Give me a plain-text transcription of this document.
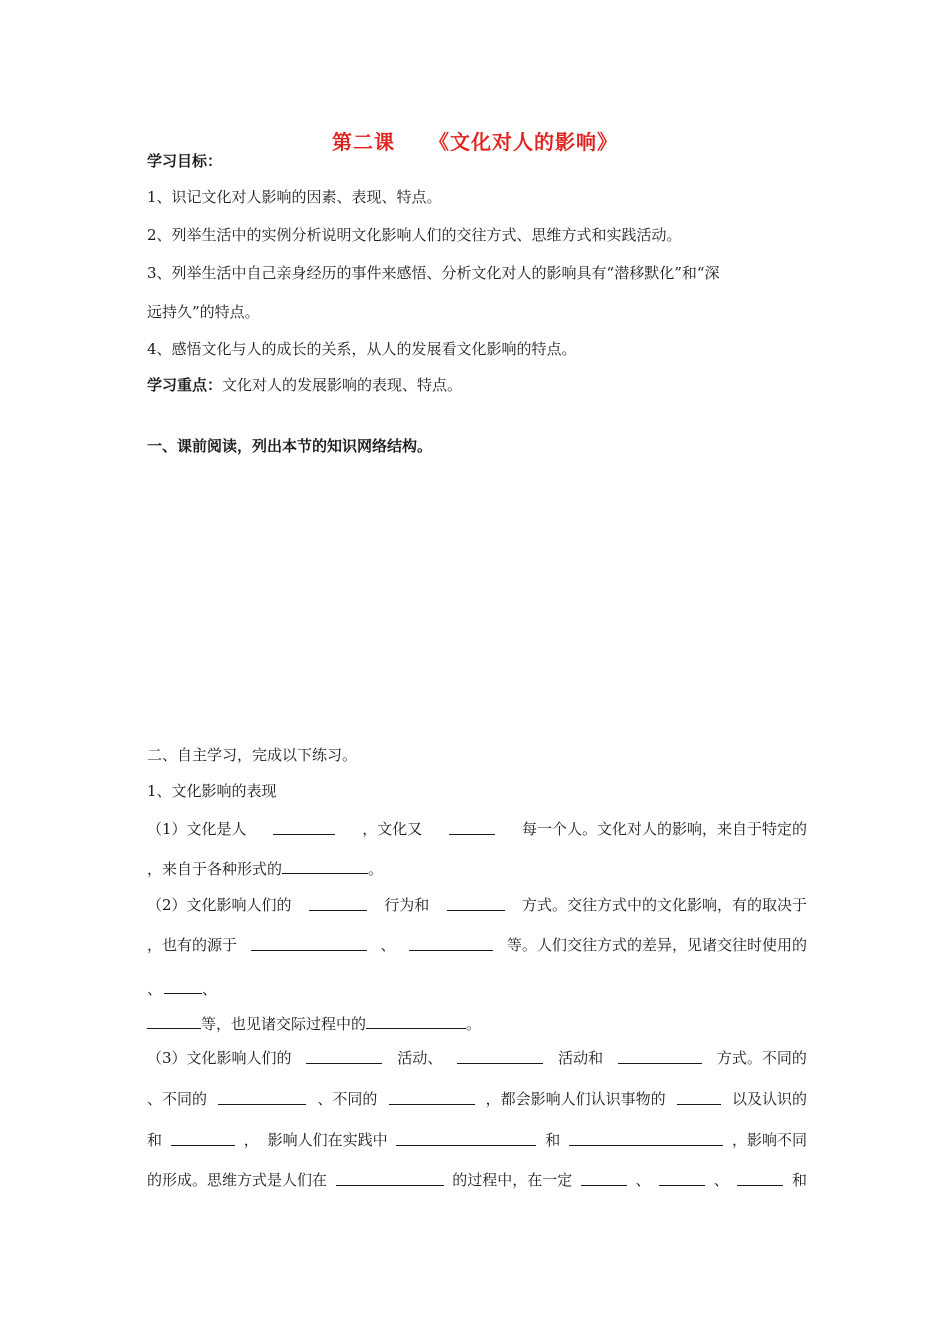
第二课 《文化对人的影响》
学习目标：
1、识记文化对人影响的因素、表现、特点。
2、列举生活中的实例分析说明文化影响人们的交往方式、思维方式和实践活动。
3、列举生活中自己亲身经历的事件来感悟、分析文化对人的影响具有“潜移默化”和“深
远持久”的特点。
4、感悟文化与人的成长的关系，从人的发展看文化影响的特点。
学习重点：文化对人的发展影响的表现、特点。
一、课前阅读，列出本节的知识网络结构。
二、自主学习，完成以下练习。
1、文化影响的表现
（1）文化是人	，文化又	每一个人。文化对人的影响，来自于特定的
，来自于各种形式的	。
（2）文化影响人们的	行为和	方式。交往方式中的文化影响，有的取决于
，也有的源于	、	等。人们交往方式的差异，见诸交往时使用的
、	、
等，也见诸交际过程中的	。
（3）文化影响人们的	活动、	活动和	方式。不同的
、不同的	、不同的	，都会影响人们认识事物的	以及认识的
和	， 影响人们在实践中	和	，影响不同
的形成。思维方式是人们在	的过程中，在一定	、	、	和
